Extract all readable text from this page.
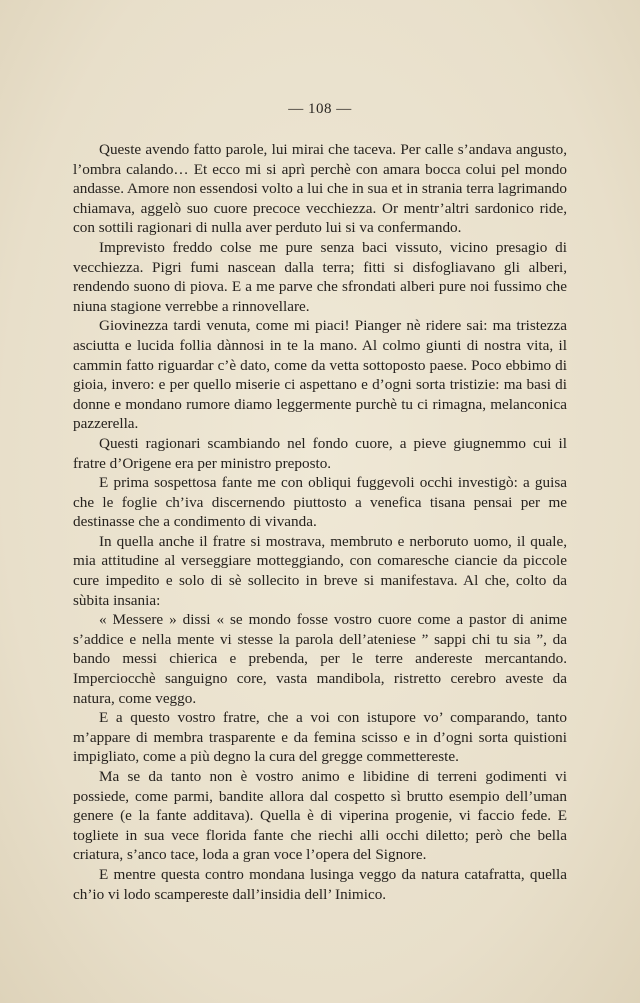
— 108 —

Queste avendo fatto parole, lui mirai che taceva. Per calle s’andava angusto, l’ombra calando… Et ecco mi si aprì perchè con amara bocca colui pel mondo andasse. Amore non essendosi volto a lui che in sua et in strania terra lagrimando chiamava, aggelò suo cuore precoce vecchiezza. Or mentr’altri sardonico ride, con sottili ragionari di nulla aver perduto lui si va confermando.

Imprevisto freddo colse me pure senza baci vissuto, vicino presagio di vecchiezza. Pigri fumi nascean dalla terra; fitti si disfogliavano gli alberi, rendendo suono di piova. E a me parve che sfrondati alberi pure noi fussimo che niuna stagione verrebbe a rinnovellare.

Giovinezza tardi venuta, come mi piaci! Pianger nè ridere sai: ma tristezza asciutta e lucida follia dànnosi in te la mano. Al colmo giunti di nostra vita, il cammin fatto riguardar c’è dato, come da vetta sottoposto paese. Poco ebbimo di gioia, invero: e per quello miserie ci aspettano e d’ogni sorta tristizie: ma basi di donne e mondano rumore diamo leggermente purchè tu ci rimagna, melanconica pazzerella.

Questi ragionari scambiando nel fondo cuore, a pieve giugnemmo cui il fratre d’Origene era per ministro preposto.

E prima sospettosa fante me con obliqui fuggevoli occhi investigò: a guisa che le foglie ch’iva discernendo piuttosto a venefica tisana pensai per me destinasse che a condimento di vivanda.

In quella anche il fratre si mostrava, membruto e nerboruto uomo, il quale, mia attitudine al verseggiare motteggiando, con comaresche ciancie da piccole cure impedito e solo di sè sollecito in breve si manifestava. Al che, colto da sùbita insania:

« Messere » dissi « se mondo fosse vostro cuore come a pastor di anime s’addice e nella mente vi stesse la parola dell’ateniese ” sappi chi tu sia ”, da bando messi chierica e prebenda, per le terre andereste mercantando. Imperciocchè sanguigno core, vasta mandibola, ristretto cerebro aveste da natura, come veggo.

E a questo vostro fratre, che a voi con istupore vo’ comparando, tanto m’appare di membra trasparente e da femina scisso e in d’ogni sorta quistioni impigliato, come a più degno la cura del gregge commettereste.

Ma se da tanto non è vostro animo e libidine di terreni godimenti vi possiede, come parmi, bandite allora dal cospetto sì brutto esempio dell’uman genere (e la fante additava). Quella è di viperina progenie, vi faccio fede. E togliete in sua vece florida fante che riechi alli occhi diletto; però che bella criatura, s’anco tace, loda a gran voce l’opera del Signore.

E mentre questa contro mondana lusinga veggo da natura catafratta, quella ch’io vi lodo scampereste dall’insidia dell’ Inimico.
